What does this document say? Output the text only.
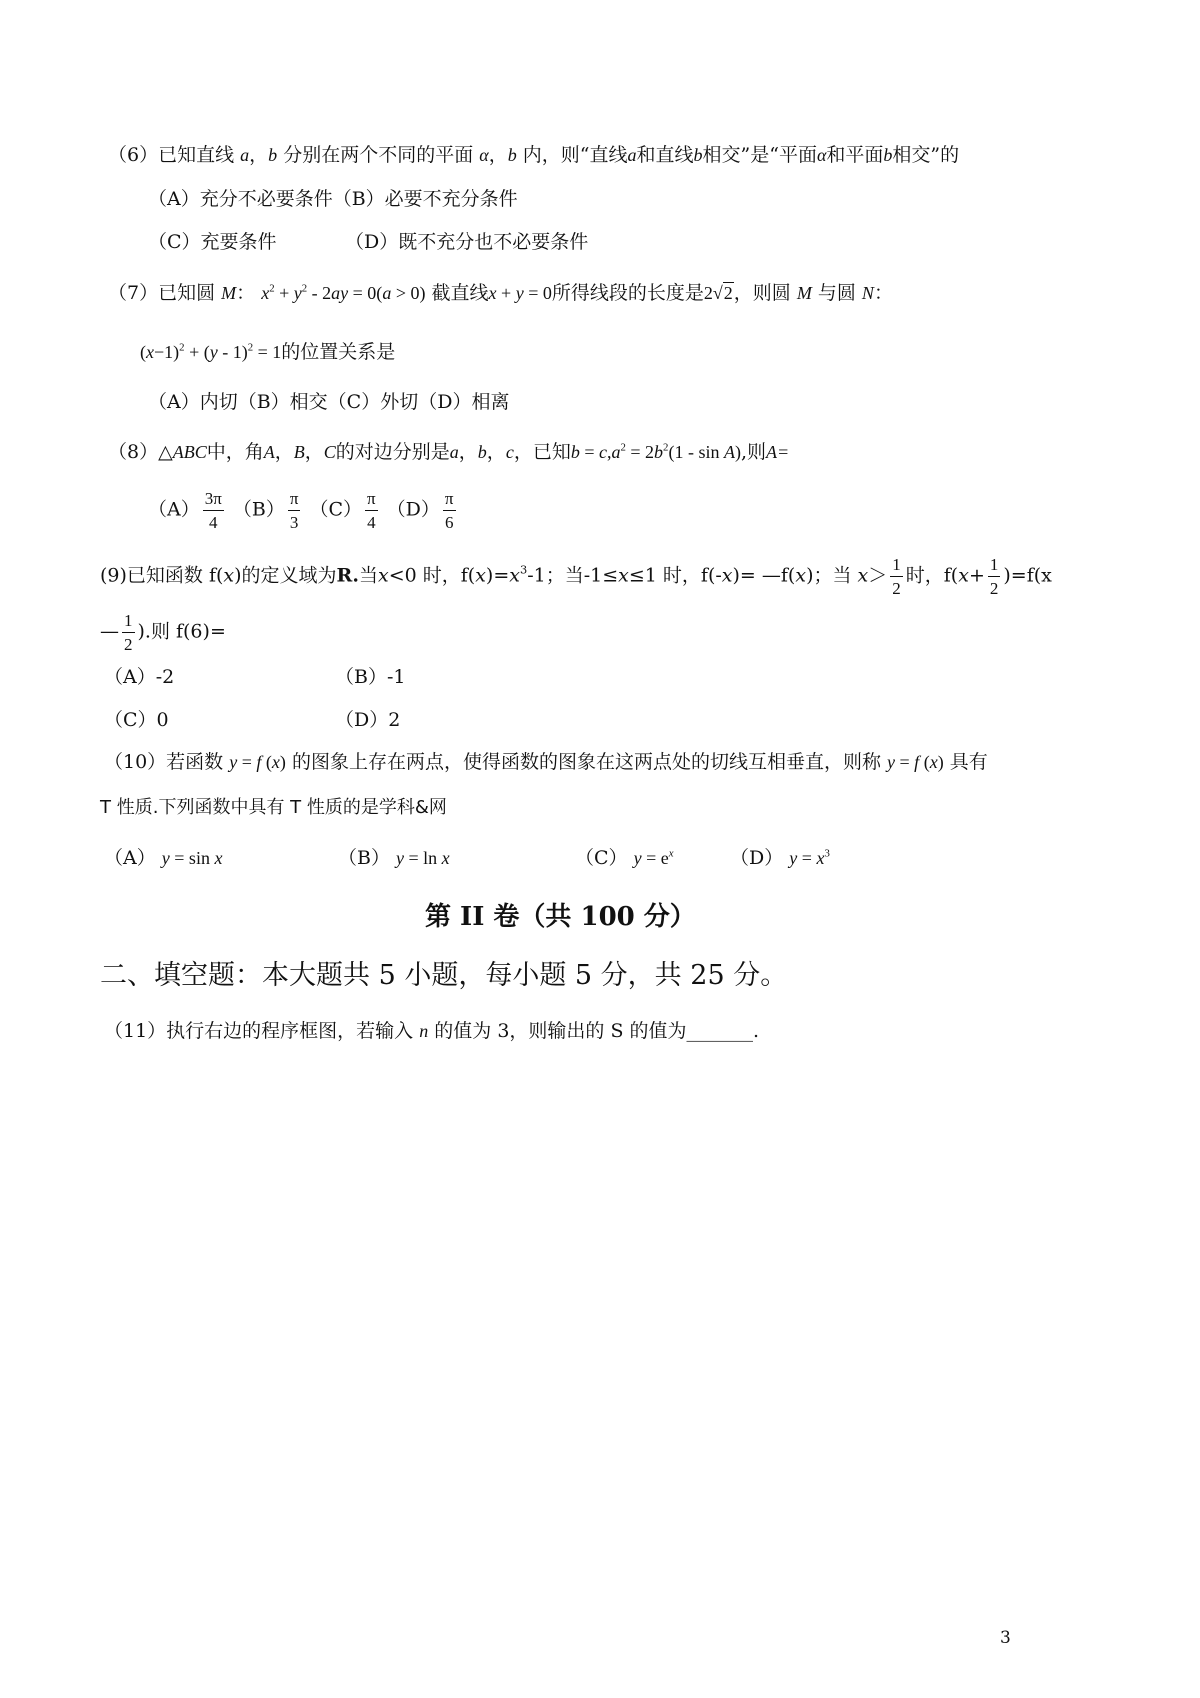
（6）已知直线 a，b 分别在两个不同的平面 α，b 内，则“直线a和直线b相交”是“平面α和平面b相交”的
（A）充分不必要条件（B）必要不充分条件
（C）充要条件	（D）既不充分也不必要条件
（7）已知圆 M： $x^2 + y^2 - 2ay = 0(a > 0)$ 截直线x + y = 0所得线段的长度是2√2，则圆 M 与圆 N：
$(x-1)^2 + (y - 1)^2 = 1$的位置关系是
（A）内切（B）相交（C）外切（D）相离
（8）△ABC中，角A，B，C的对边分别是a，b，c，已知$b = c,a^2 = 2b^2(1 - \sin A)$,则A=
$(A) \frac{3\pi}{4} (B) \frac{\pi}{3} (C) \frac{\pi}{4} (D) \frac{\pi}{6}$
(9)已知函数 f(x)的定义域为R.当x<0 时，$f(x)=x^3-1$；当-1≤x≤1 时，f(-x)= —f(x)；当 $x> \frac{1}{2}$ 时，$f(x+ \frac{1}{2} )=f(x$
— $\frac{1}{2}$ ).则 f(6)=
（A）-2	（B）-1
（C）0	（D）2
（10）若函数 y = f (x) 的图象上存在两点，使得函数的图象在这两点处的切线互相垂直，则称 y = f (x) 具有
T 性质.下列函数中具有 T 性质的是学科&网
（A） y = sin x	（B） y = ln x	（C） $y = e^x$	（D） $y = x^3$
第 II 卷（共 100 分）
二、填空题：本大题共 5 小题，每小题 5 分，共 25 分。
（11）执行右边的程序框图，若输入 n 的值为 3，则输出的 S 的值为_______.
3
